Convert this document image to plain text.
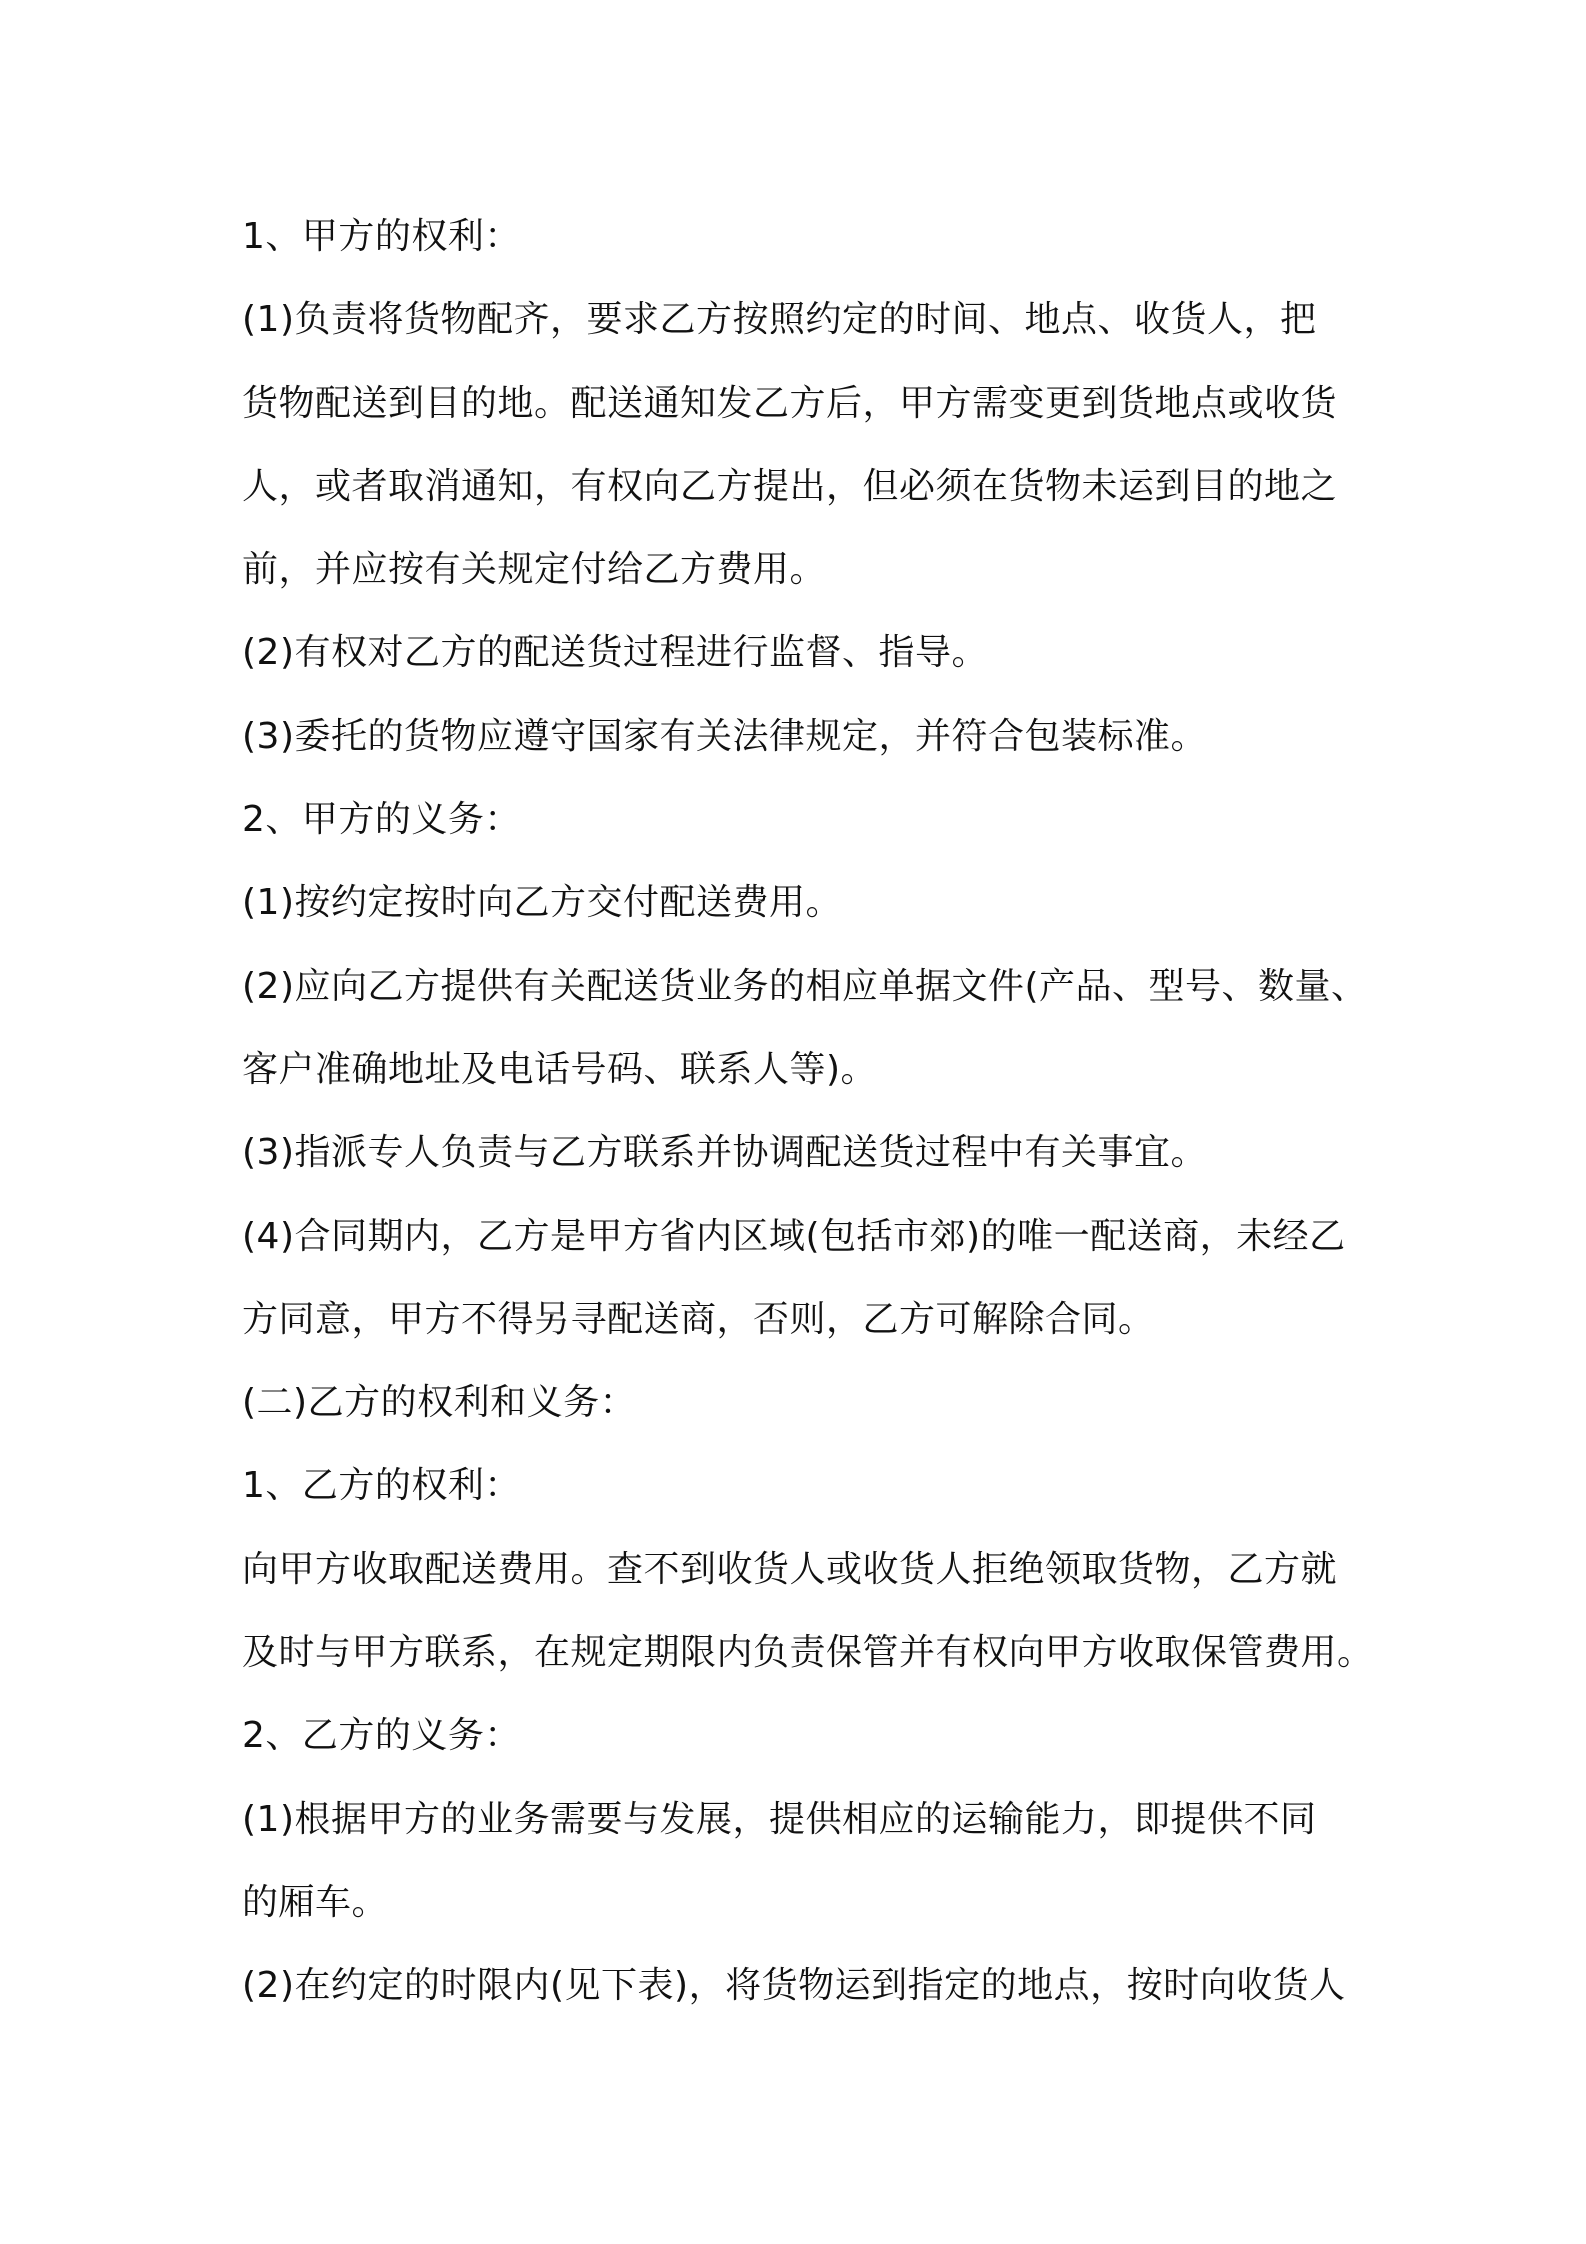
1、甲方的权利：
(1)负责将货物配齐，要求乙方按照约定的时间、地点、收货人，把
货物配送到目的地。配送通知发乙方后，甲方需变更到货地点或收货
人，或者取消通知，有权向乙方提出，但必须在货物未运到目的地之
前，并应按有关规定付给乙方费用。
(2)有权对乙方的配送货过程进行监督、指导。
(3)委托的货物应遵守国家有关法律规定，并符合包装标准。
2、甲方的义务：
(1)按约定按时向乙方交付配送费用。
(2)应向乙方提供有关配送货业务的相应单据文件(产品、型号、数量、
客户准确地址及电话号码、联系人等)。
(3)指派专人负责与乙方联系并协调配送货过程中有关事宜。
(4)合同期内，乙方是甲方省内区域(包括市郊)的唯一配送商，未经乙
方同意，甲方不得另寻配送商，否则，乙方可解除合同。
(二)乙方的权利和义务：
1、乙方的权利：
向甲方收取配送费用。查不到收货人或收货人拒绝领取货物，乙方就
及时与甲方联系，在规定期限内负责保管并有权向甲方收取保管费用。
2、乙方的义务：
(1)根据甲方的业务需要与发展，提供相应的运输能力，即提供不同
的厢车。
(2)在约定的时限内(见下表)，将货物运到指定的地点，按时向收货人
